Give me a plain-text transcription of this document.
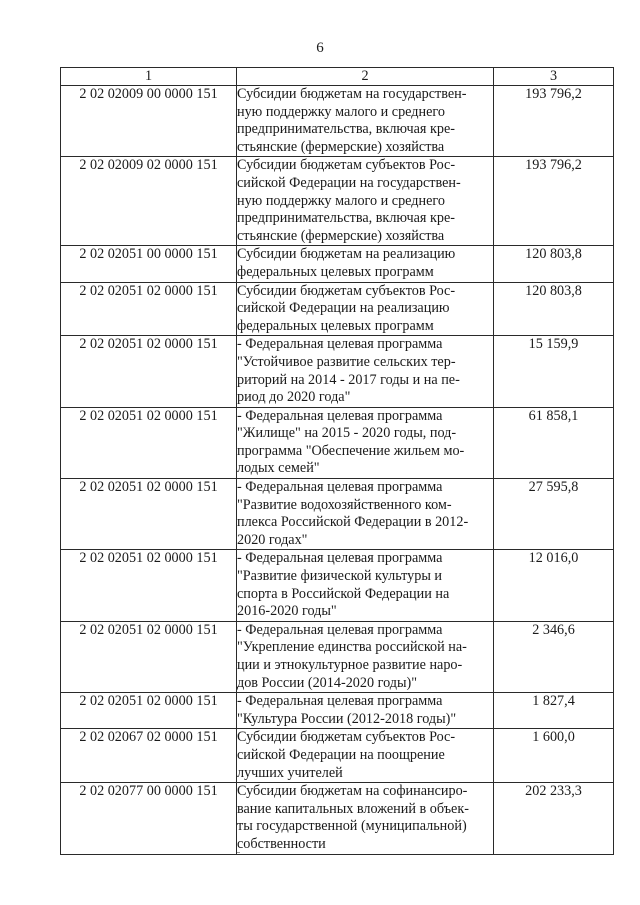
6
1	2	3
2 02 02009 00 0000 151	Субсидии бюджетам на государствен-
ную поддержку малого и среднего
предпринимательства, включая кре-
стьянские (фермерские) хозяйства	193 796,2
2 02 02009 02 0000 151	Субсидии бюджетам субъектов Рос-
сийской Федерации на государствен-
ную поддержку малого и среднего
предпринимательства, включая кре-
стьянские (фермерские) хозяйства	193 796,2
2 02 02051 00 0000 151	Субсидии бюджетам на реализацию
федеральных целевых программ	120 803,8
2 02 02051 02 0000 151	Субсидии бюджетам субъектов Рос-
сийской Федерации на реализацию
федеральных целевых программ	120 803,8
2 02 02051 02 0000 151	- Федеральная целевая программа
"Устойчивое развитие сельских тер-
риторий на 2014 - 2017 годы и на пе-
риод до 2020 года"	15 159,9
2 02 02051 02 0000 151	- Федеральная целевая программа
"Жилище" на 2015 - 2020 годы, под-
программа "Обеспечение жильем мо-
лодых семей"	61 858,1
2 02 02051 02 0000 151	- Федеральная целевая программа
"Развитие водохозяйственного ком-
плекса Российской Федерации в 2012-
2020 годах"	27 595,8
2 02 02051 02 0000 151	- Федеральная целевая программа
"Развитие физической культуры и
спорта в Российской Федерации на
2016-2020 годы"	12 016,0
2 02 02051 02 0000 151	- Федеральная целевая программа
"Укрепление единства российской на-
ции и этнокультурное развитие наро-
дов России (2014-2020 годы)"	2 346,6
2 02 02051 02 0000 151	- Федеральная целевая программа
"Культура России (2012-2018 годы)"	1 827,4
2 02 02067 02 0000 151	Субсидии бюджетам субъектов Рос-
сийской Федерации на поощрение
лучших учителей	1 600,0
2 02 02077 00 0000 151	Субсидии бюджетам на софинансиро-
вание капитальных вложений в объек-
ты государственной (муниципальной)
собственности	202 233,3
